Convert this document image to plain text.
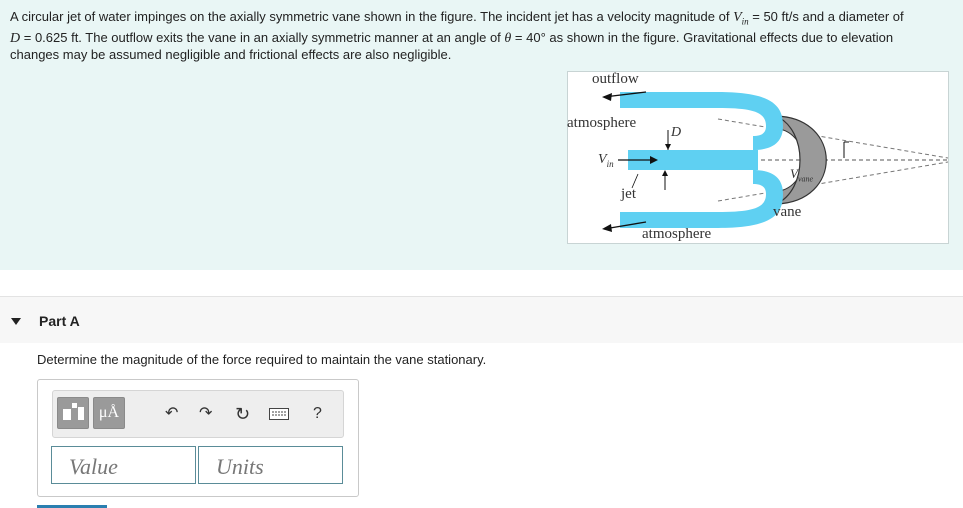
A circular jet of water impinges on the axially symmetric vane shown in the figure. The incident jet has a velocity magnitude of $V_{in} = 50$ ft/s and a diameter of
D = 0.625 ft. The outflow exits the vane in an axially symmetric manner at an angle of θ = 40° as shown in the figure. Gravitational effects due to elevation
changes may be assumed negligible and frictional effects are also negligible.
outflow
atmosphere
D
$V_{in}$
jet
$V_{vane}$
vane
atmosphere
Part A
Determine the magnitude of the force required to maintain the vane stationary.
μÅ	↶ ↷ ↻	?
Value	Units
